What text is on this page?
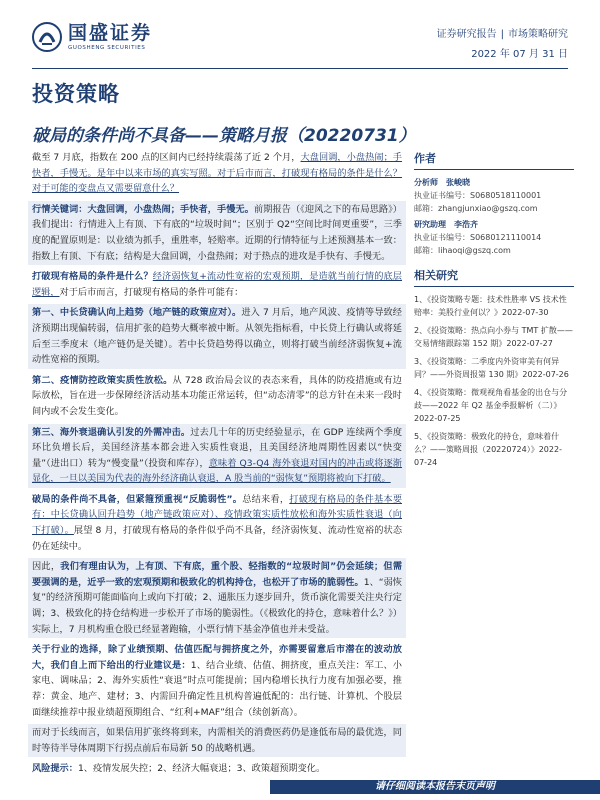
国盛证券
GUOSHENG SECURITIES
证券研究报告 | 市场策略研究
2022 年 07 月 31 日
投资策略
破局的条件尚不具备——策略月报（20220731）

截至 7 月底，指数在 200 点的区间内已经持续震荡了近 2 个月，大盘回调，小盘热闹；手快者，手慢无。是年中以来市场的真实写照。对于后市而言，打破现有格局的条件是什么？对于可能的变盘点又需要留意什么？

行情关键词：大盘回调，小盘热闹；手快者，手慢无。前期报告（《迎风之下的布局思路》）我们提出：行情进入上有顶、下有底的“垃圾时间”；区别于 Q2“空间比时间更重要”，三季度的配置原则是：以业绩为抓手，重胜率，轻赔率。近期的行情特征与上述预测基本一致：指数上有顶、下有底；结构是大盘回调，小盘热闹；对于热点的进攻是手快有、手慢无。

打破现有格局的条件是什么？经济弱恢复+流动性宽裕的宏观预期，是造就当前行情的底层逻辑，对于后市而言，打破现有格局的条件可能有：

第一、中长贷确认向上趋势（地产链的政策应对）。进入 7 月后，地产风波、疫情等导致经济预期出现偏转弱，信用扩张的趋势大概率被中断。从领先指标看，中长贷上行确认或将延后至三季度末（地产链仍是关键）。若中长贷趋势得以确立，则将打破当前经济弱恢复+流动性宽裕的预期。

第二、疫情防控政策实质性放松。从 728 政治局会议的表态来看，具体的防疫措施或有边际放松，旨在进一步保障经济活动基本功能正常运转，但“动态清零”的总方针在未来一段时间内或不会发生变化。

第三、海外衰退确认引发的外需冲击。过去几十年的历史经验显示，在 GDP 连续两个季度环比负增长后，美国经济基本都会进入实质性衰退，且美国经济地周期性因素以“快变量”（进出口）转为“慢变量”（投资和库存），意味着 Q3-Q4 海外衰退对国内的冲击或将逐渐显化，一旦以美国为代表的海外经济确认衰退，A 股当前的“弱恢复”预期将被向下打破。

破局的条件尚不具备，但紧箍预重视“反脆弱性”。总结来看，打破现有格局的条件基本要有：中长贷确认回升趋势（地产链政策应对）、疫情政策实质性放松和海外实质性衰退（向下打破）。展望 8 月，打破现有格局的条件似乎尚不具备，经济弱恢复、流动性宽裕的状态仍在延续中。

因此，我们有理由认为，上有顶、下有底，重个股、轻指数的“垃圾时间”仍会延续；但需要强调的是，近乎一致的宏观预期和极致化的机构持仓，也松开了市场的脆弱性。1、“弱恢复”的经济预期可能面临向上或向下打破；2、通胀压力逐步回升，货币演化需要关注央行定调；3、极致化的持仓结构进一步松开了市场的脆弱性。（《极致化的持仓，意味着什么？》）实际上，7 月机构重仓股已经显著跑输，小票行情下基金净值也并未受益。

关于行业的选择，除了业绩预期、估值匹配与拥挤度之外，亦需要留意后市潜在的波动放大，我们自上而下给出的行业建议是：1、结合业绩、估值、拥挤度，重点关注：军工、小家电、调味品；2、海外实质性“衰退”时点可能提前；国内稳增长执行力度有加强必要，推荐：黄金、地产、建材；3、内需回升确定性且机构普遍低配的：出行链、计算机、个股层面继续推荐中报业绩超预期组合、“红利+MAF”组合（续创新高）。

而对于长线而言，如果信用扩张终将到来，内需相关的消费医药仍是逢低布局的最优选，同时等待半导体周期下行拐点前后布局新 50 的战略机遇。

风险提示：1、疫情发展失控；2、经济大幅衰退；3、政策超预期变化。

作者
分析师 张峻晓
执业证书编号：S0680518110001
邮箱：zhangjunxiao@gszq.com
研究助理 李浩齐
执业证书编号：S0680121110014
邮箱：lihaoqi@gszq.com
相关研究
1、《投资策略专题：技术性胜率 VS 技术性赔率：美股行业何以？》2022-07-30
2、《投资策略：热点向小券与 TMT 扩散——交易情绪跟踪第 152 期》2022-07-27
3、《投资策略：二季度内外资审美有何异同？——外资周报第 130 期》2022-07-26
4、《投资策略：微观视角看基金的出仓与分歧——2022 年 Q2 基金季报解析（二）》2022-07-25
5、《投资策略：极致化的持仓，意味着什么？——策略周报（20220724）》2022-07-24
请仔细阅读本报告末页声明
